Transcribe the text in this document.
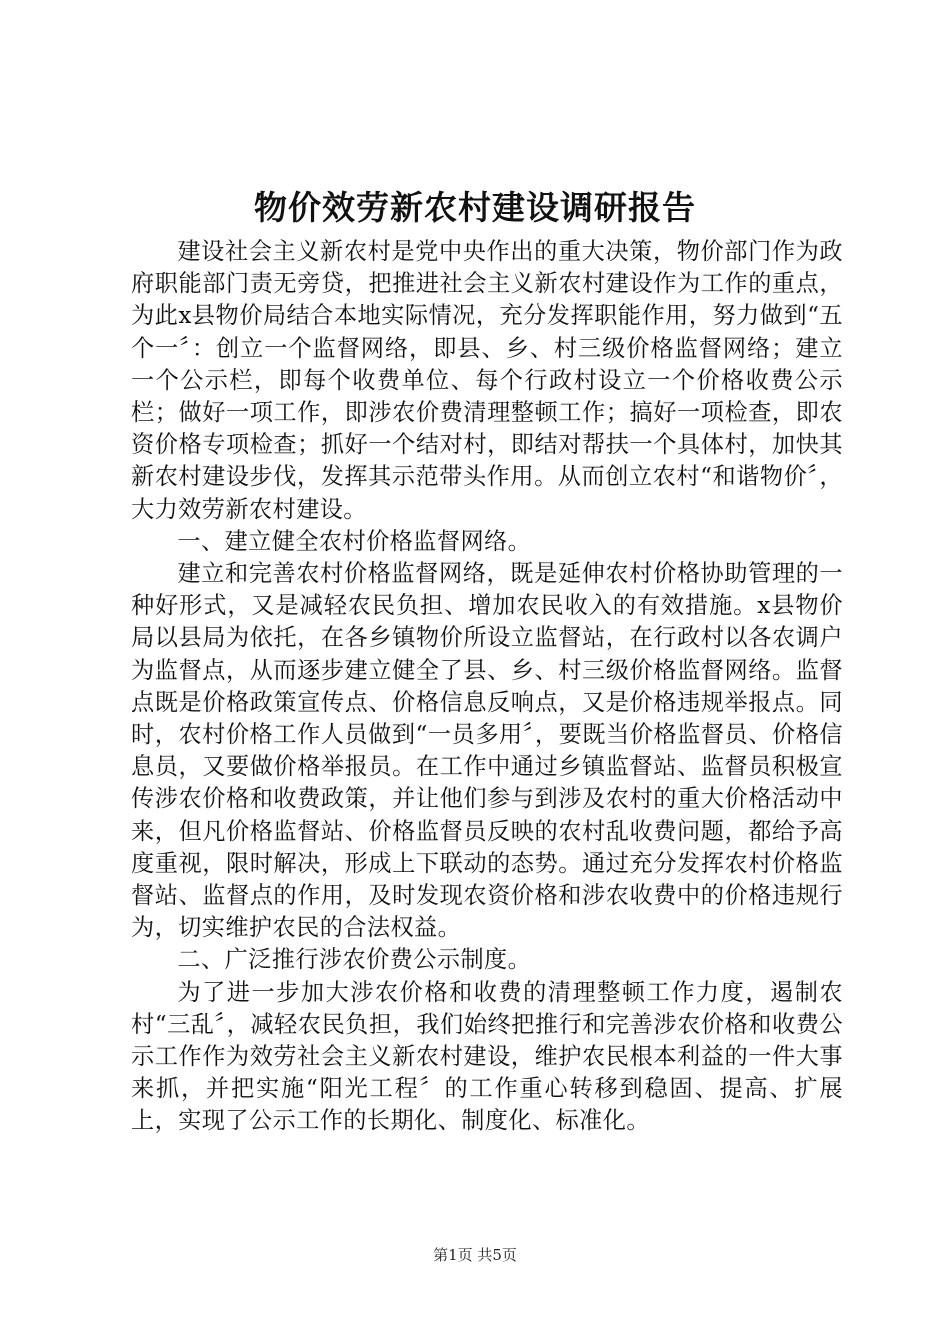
物价效劳新农村建设调研报告

建设社会主义新农村是党中央作出的重大决策，物价部门作为政府职能部门责无旁贷，把推进社会主义新农村建设作为工作的重点，为此x县物价局结合本地实际情况，充分发挥职能作用，努力做到“五个一〞：创立一个监督网络，即县、乡、村三级价格监督网络；建立一个公示栏，即每个收费单位、每个行政村设立一个价格收费公示栏；做好一项工作，即涉农价费清理整顿工作；搞好一项检查，即农资价格专项检查；抓好一个结对村，即结对帮扶一个具体村，加快其新农村建设步伐，发挥其示范带头作用。从而创立农村“和谐物价〞，大力效劳新农村建设。

一、建立健全农村价格监督网络。

建立和完善农村价格监督网络，既是延伸农村价格协助管理的一种好形式，又是减轻农民负担、增加农民收入的有效措施。x县物价局以县局为依托，在各乡镇物价所设立监督站，在行政村以各农调户为监督点，从而逐步建立健全了县、乡、村三级价格监督网络。监督点既是价格政策宣传点、价格信息反响点，又是价格违规举报点。同时，农村价格工作人员做到“一员多用〞，要既当价格监督员、价格信息员，又要做价格举报员。在工作中通过乡镇监督站、监督员积极宣传涉农价格和收费政策，并让他们参与到涉及农村的重大价格活动中来，但凡价格监督站、价格监督员反映的农村乱收费问题，都给予高度重视，限时解决，形成上下联动的态势。通过充分发挥农村价格监督站、监督点的作用，及时发现农资价格和涉农收费中的价格违规行为，切实维护农民的合法权益。

二、广泛推行涉农价费公示制度。

为了进一步加大涉农价格和收费的清理整顿工作力度，遏制农村“三乱〞，减轻农民负担，我们始终把推行和完善涉农价格和收费公示工作作为效劳社会主义新农村建设，维护农民根本利益的一件大事来抓，并把实施“阳光工程〞的工作重心转移到稳固、提高、扩展上，实现了公示工作的长期化、制度化、标准化。

第1页 共5页
